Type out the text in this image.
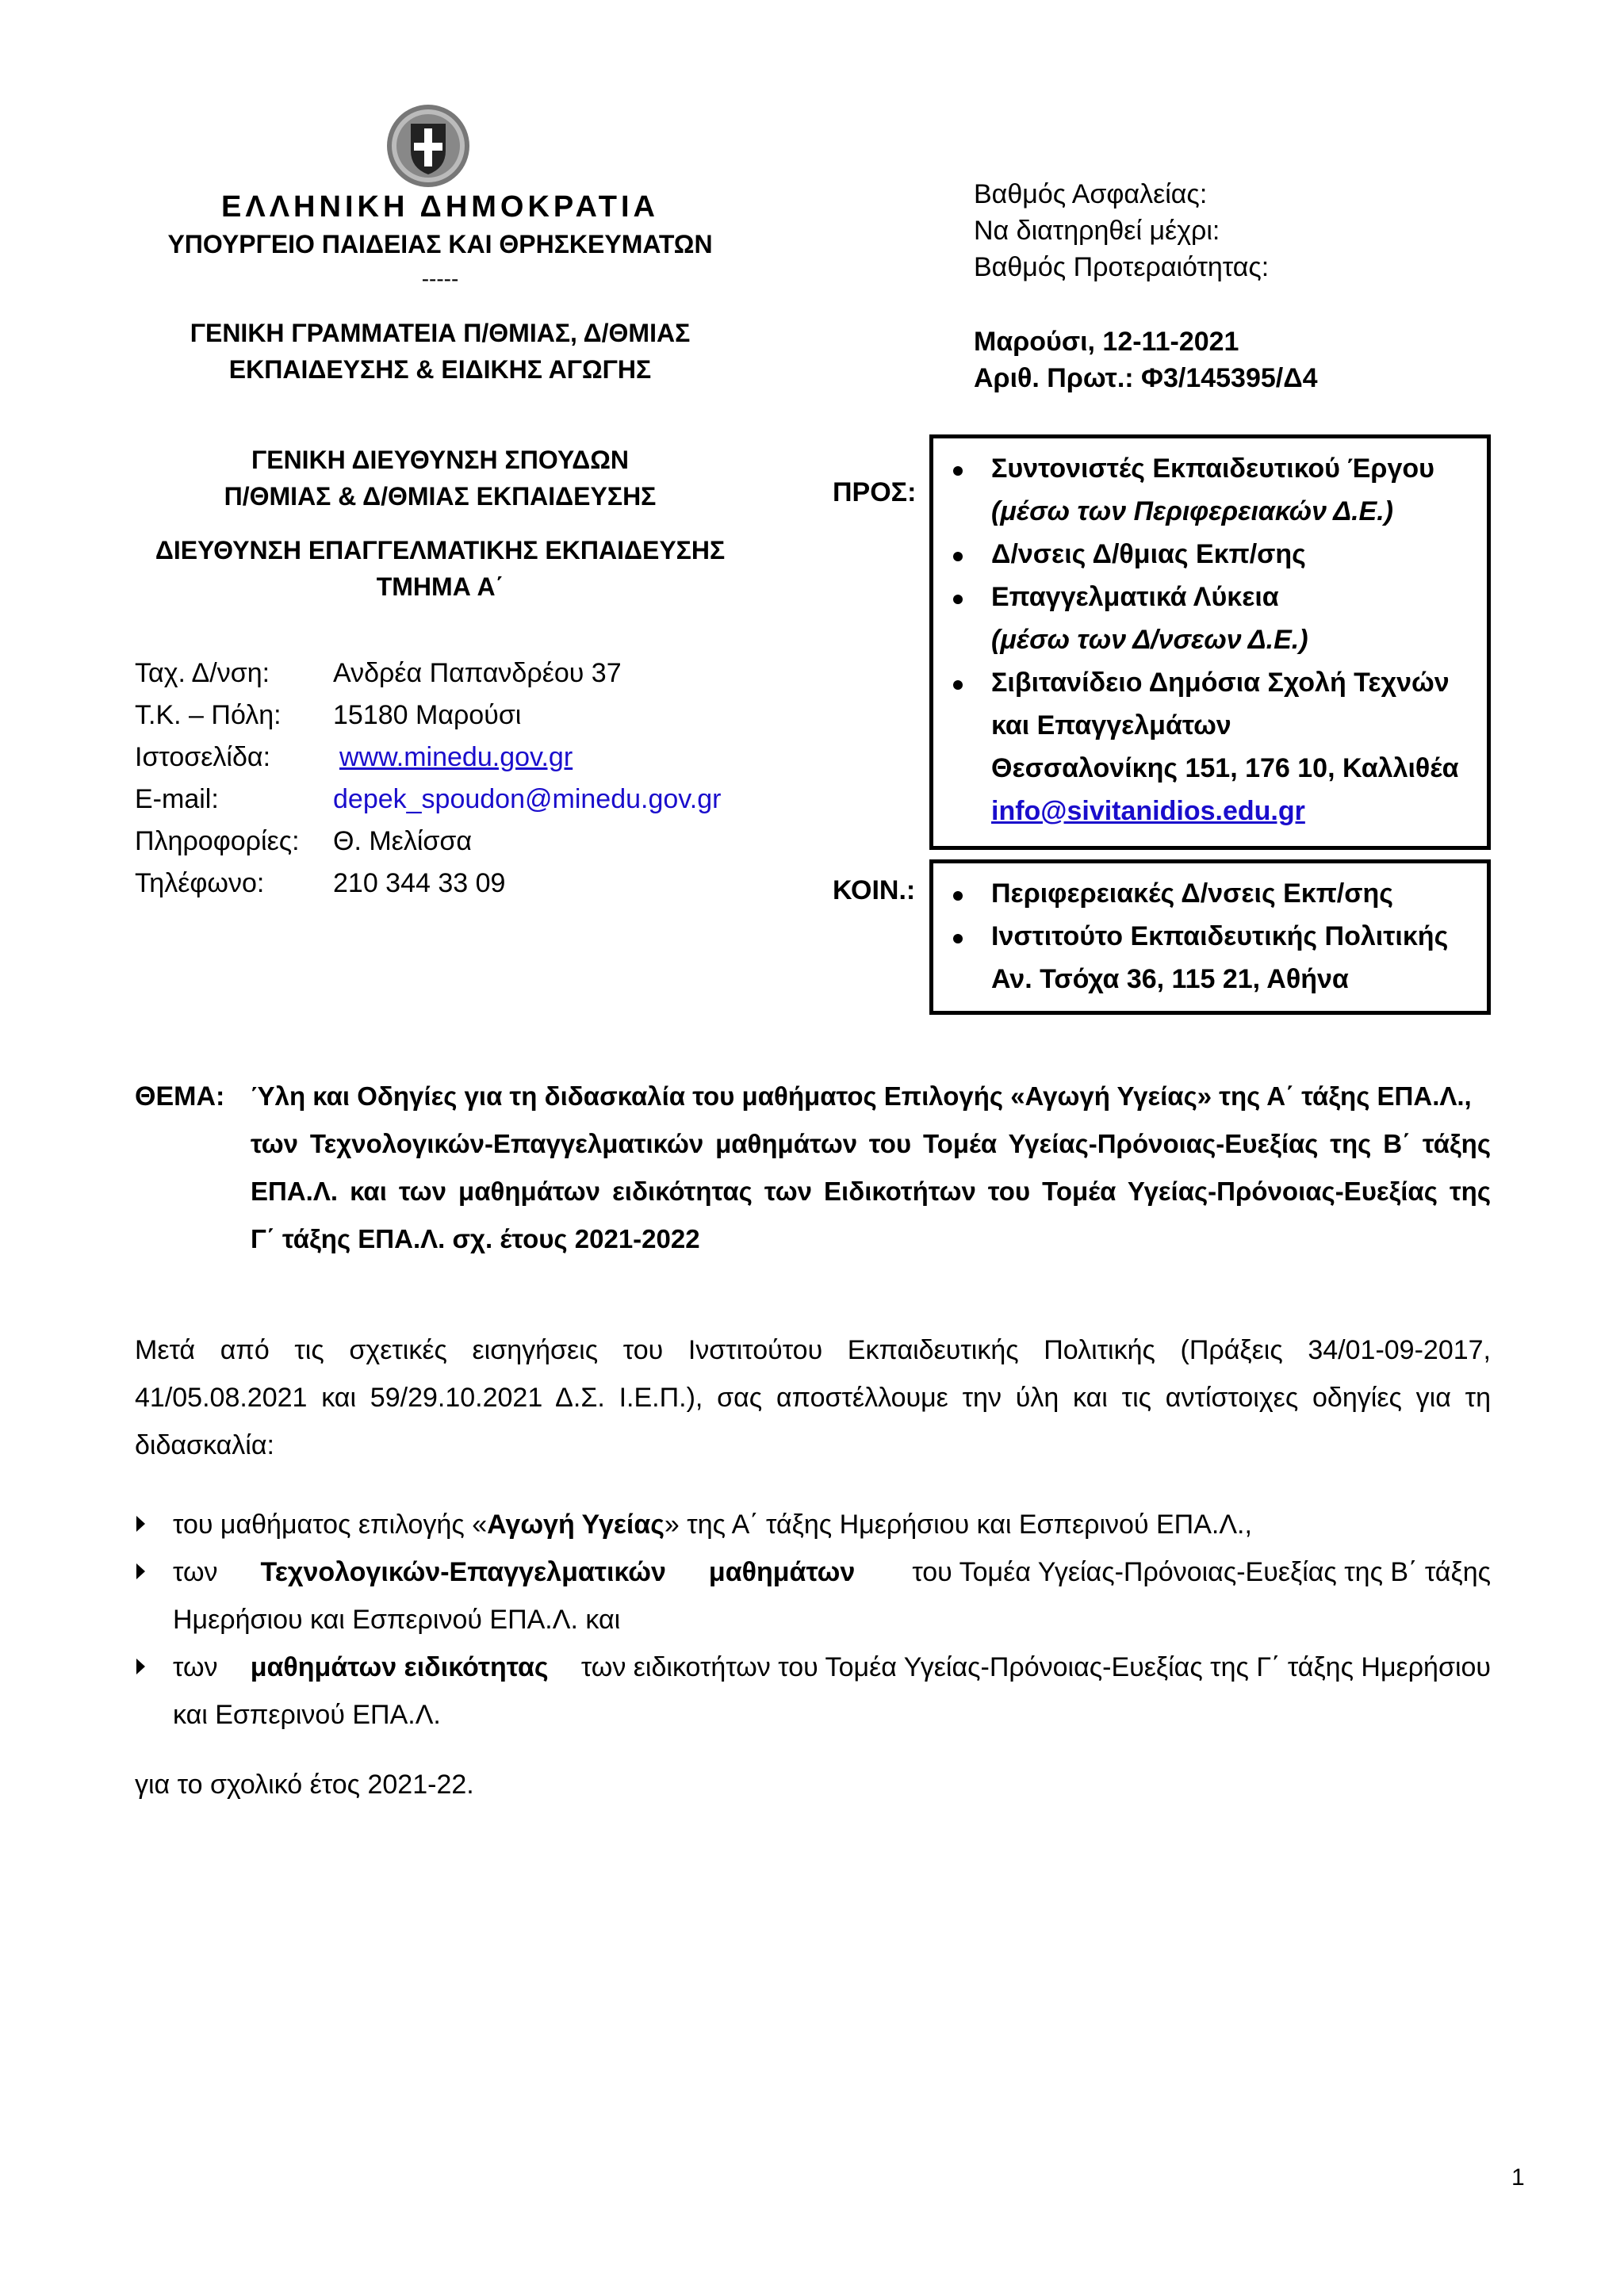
ΕΛΛΗΝΙΚΗ ΔΗΜΟΚΡΑΤΙΑ
ΥΠΟΥΡΓΕΙΟ ΠΑΙΔΕΙΑΣ ΚΑΙ ΘΡΗΣΚΕΥΜΑΤΩΝ
-----
ΓΕΝΙΚΗ ΓΡΑΜΜΑΤΕΙΑ Π/ΘΜΙΑΣ, Δ/ΘΜΙΑΣ
ΕΚΠΑΙΔΕΥΣΗΣ & ΕΙΔΙΚΗΣ ΑΓΩΓΗΣ
ΓΕΝΙΚΗ ΔΙΕΥΘΥΝΣΗ ΣΠΟΥΔΩΝ
Π/ΘΜΙΑΣ & Δ/ΘΜΙΑΣ ΕΚΠΑΙΔΕΥΣΗΣ
ΔΙΕΥΘΥΝΣΗ ΕΠΑΓΓΕΛΜΑΤΙΚΗΣ ΕΚΠΑΙΔΕΥΣΗΣ
ΤΜΗΜΑ Α΄
Ταχ. Δ/νση: Ανδρέα Παπανδρέου 37
Τ.Κ. – Πόλη: 15180 Μαρούσι
Ιστοσελίδα:	www.minedu.gov.gr
E-mail:	depek_spoudon@minedu.gov.gr
Πληροφορίες: Θ. Μελίσσα
Τηλέφωνο:	210 344 33 09
Βαθμός Ασφαλείας:
Να διατηρηθεί μέχρι:
Βαθμός Προτεραιότητας:
Μαρούσι, 12-11-2021
Αριθ. Πρωτ.: Φ3/145395/Δ4
ΠΡΟΣ:
Συντονιστές Εκπαιδευτικού Έργου
(μέσω των Περιφερειακών Δ.Ε.)
Δ/νσεις Δ/θμιας Εκπ/σης
Επαγγελματικά Λύκεια
(μέσω των Δ/νσεων Δ.Ε.)
Σιβιτανίδειο Δημόσια Σχολή Τεχνών
και Επαγγελμάτων
Θεσσαλονίκης 151, 176 10, Καλλιθέα
info@sivitanidios.edu.gr
ΚΟΙΝ.:	Περιφερειακές Δ/νσεις Εκπ/σης
Ινστιτούτο Εκπαιδευτικής Πολιτικής
Αν. Τσόχα 36, 115 21, Αθήνα
ΘΕΜΑ: Ύλη και Οδηγίες για τη διδασκαλία του μαθήματος Επιλογής «Αγωγή Υγείας» της Α΄ τάξης ΕΠΑ.Λ.,
των Τεχνολογικών-Επαγγελματικών μαθημάτων του Τομέα Υγείας-Πρόνοιας-Ευεξίας της Β΄ τάξης
ΕΠΑ.Λ. και των μαθημάτων ειδικότητας των Ειδικοτήτων του Τομέα Υγείας-Πρόνοιας-Ευεξίας της
Γ΄ τάξης ΕΠΑ.Λ. σχ. έτους 2021-2022
Μετά από τις σχετικές εισηγήσεις του Ινστιτούτου Εκπαιδευτικής Πολιτικής (Πράξεις 34/01-09-2017,
41/05.08.2021 και 59/29.10.2021 Δ.Σ. Ι.Ε.Π.), σας αποστέλλουμε την ύλη και τις αντίστοιχες οδηγίες για τη
διδασκαλία:
του μαθήματος επιλογής «Αγωγή Υγείας» της Α΄ τάξης Ημερήσιου και Εσπερινού ΕΠΑ.Λ.,
των Τεχνολογικών-Επαγγελματικών μαθημάτων του Τομέα Υγείας-Πρόνοιας-Ευεξίας της Β΄ τάξης
Ημερήσιου και Εσπερινού ΕΠΑ.Λ. και
των μαθημάτων ειδικότητας των ειδικοτήτων του Τομέα Υγείας-Πρόνοιας-Ευεξίας της Γ΄ τάξης Ημερήσιου
και Εσπερινού ΕΠΑ.Λ.
για το σχολικό έτος 2021-22.
1
